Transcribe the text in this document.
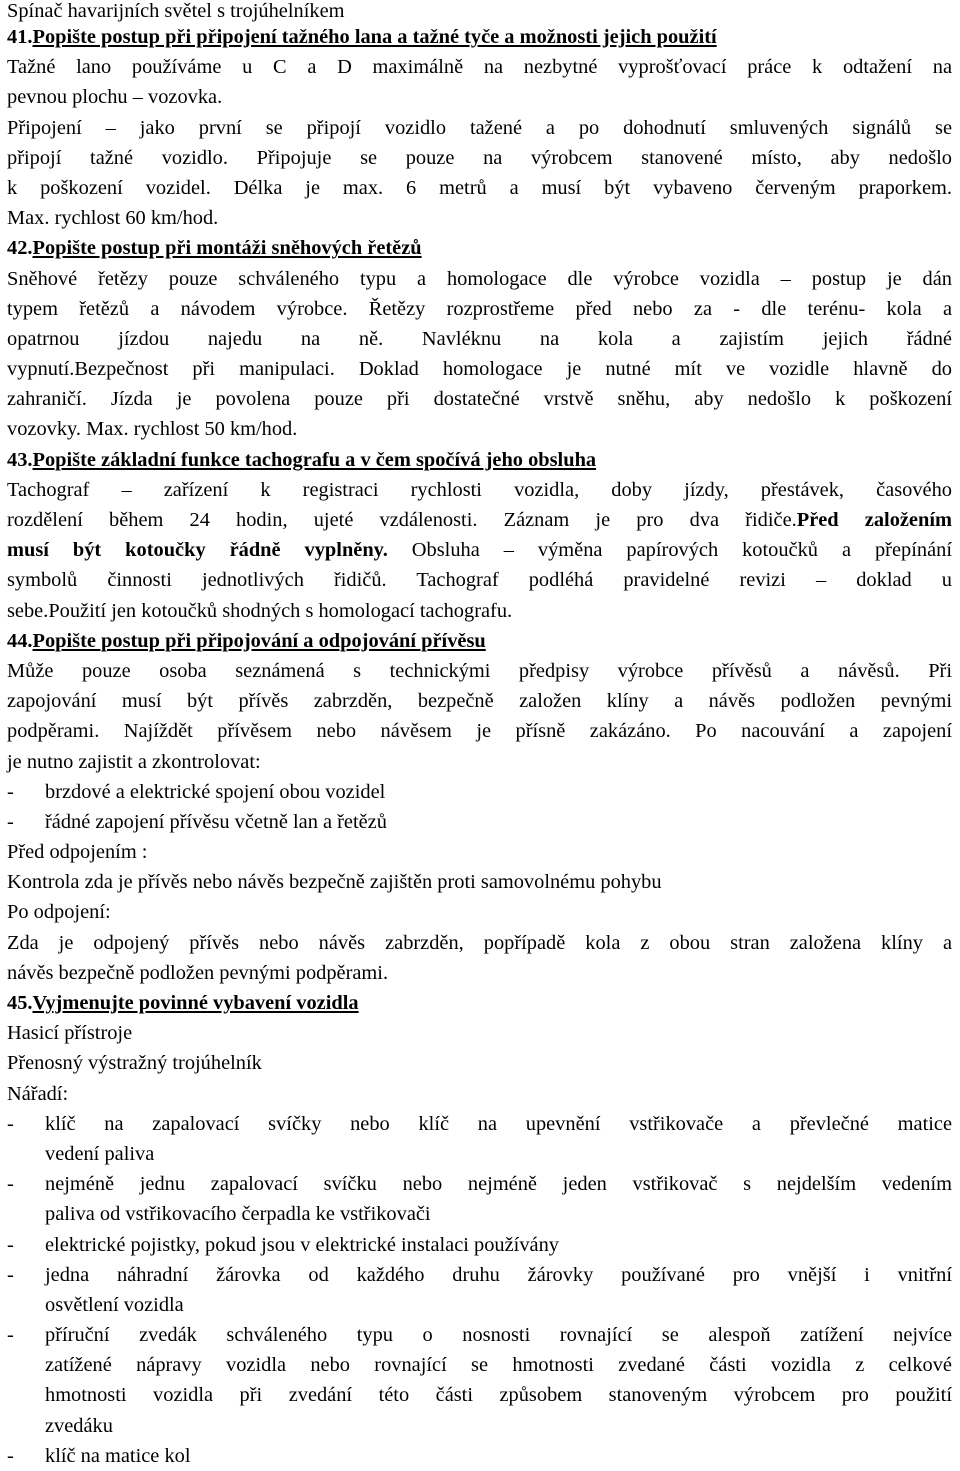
Spínač havarijních světel s trojúhelníkem
41.Popište postup při připojení tažného lana a tažné tyče a možnosti jejich použití
Tažné lano používáme u C a D maximálně na nezbytné vyprošťovací práce k odtažení na
pevnou plochu – vozovka.
Připojení – jako první se připojí vozidlo tažené a po dohodnutí smluvených signálů se
připojí tažné vozidlo. Připojuje se pouze na výrobcem stanovené místo, aby nedošlo
k poškození vozidel. Délka je max. 6 metrů a musí být vybaveno červeným praporkem.
Max. rychlost 60 km/hod.
42.Popište postup při montáži sněhových řetězů
Sněhové řetězy pouze schváleného typu a homologace dle výrobce vozidla – postup je dán
typem řetězů a návodem výrobce. Řetězy rozprostřeme před nebo za - dle terénu- kola a
opatrnou jízdou najedu na ně. Navléknu na kola a zajistím jejich řádné
vypnutí.Bezpečnost při manipulaci. Doklad homologace je nutné mít ve vozidle hlavně do
zahraničí. Jízda je povolena pouze při dostatečné vrstvě sněhu, aby nedošlo k poškození
vozovky. Max. rychlost 50 km/hod.
43.Popište základní funkce tachografu a v čem spočívá jeho obsluha
Tachograf – zařízení k registraci rychlosti vozidla, doby jízdy, přestávek, časového
rozdělení během 24 hodin, ujeté vzdálenosti. Záznam je pro dva řidiče.Před založením
musí být kotoučky řádně vyplněny. Obsluha – výměna papírových kotoučků a přepínání
symbolů činnosti jednotlivých řidičů. Tachograf podléhá pravidelné revizi – doklad u
sebe.Použití jen kotoučků shodných s homologací tachografu.
44.Popište postup při připojování a odpojování přívěsu
Může pouze osoba seznámená s technickými předpisy výrobce přívěsů a návěsů. Při
zapojování musí být přívěs zabrzděn, bezpečně založen klíny a návěs podložen pevnými
podpěrami. Najíždět přívěsem nebo návěsem je přísně zakázáno. Po nacouvání a zapojení
je nutno zajistit a zkontrolovat:
-	brzdové a elektrické spojení obou vozidel
-	řádné zapojení přívěsu včetně lan a řetězů
Před odpojením :
Kontrola zda je přívěs nebo návěs bezpečně zajištěn proti samovolnému pohybu
Po odpojení:
Zda je odpojený přívěs nebo návěs zabrzděn, popřípadě kola z obou stran založena klíny a
návěs bezpečně podložen pevnými podpěrami.
45.Vyjmenujte povinné vybavení vozidla
Hasicí přístroje
Přenosný výstražný trojúhelník
Nářadí:
-	klíč na zapalovací svíčky nebo klíč na upevnění vstřikovače a převlečné matice
vedení paliva
-	nejméně jednu zapalovací svíčku nebo nejméně jeden vstřikovač s nejdelším vedením
paliva od vstřikovacího čerpadla ke vstřikovači
-	elektrické pojistky, pokud jsou v elektrické instalaci používány
-	jedna náhradní žárovka od každého druhu žárovky používané pro vnější i vnitřní
osvětlení vozidla
-	příruční zvedák schváleného typu o nosnosti rovnající se alespoň zatížení nejvíce
zatížené nápravy vozidla nebo rovnající se hmotnosti zvedané části vozidla z celkové
hmotnosti vozidla při zvedání této části způsobem stanoveným výrobcem pro použití
zvedáku
-	klíč na matice kol
